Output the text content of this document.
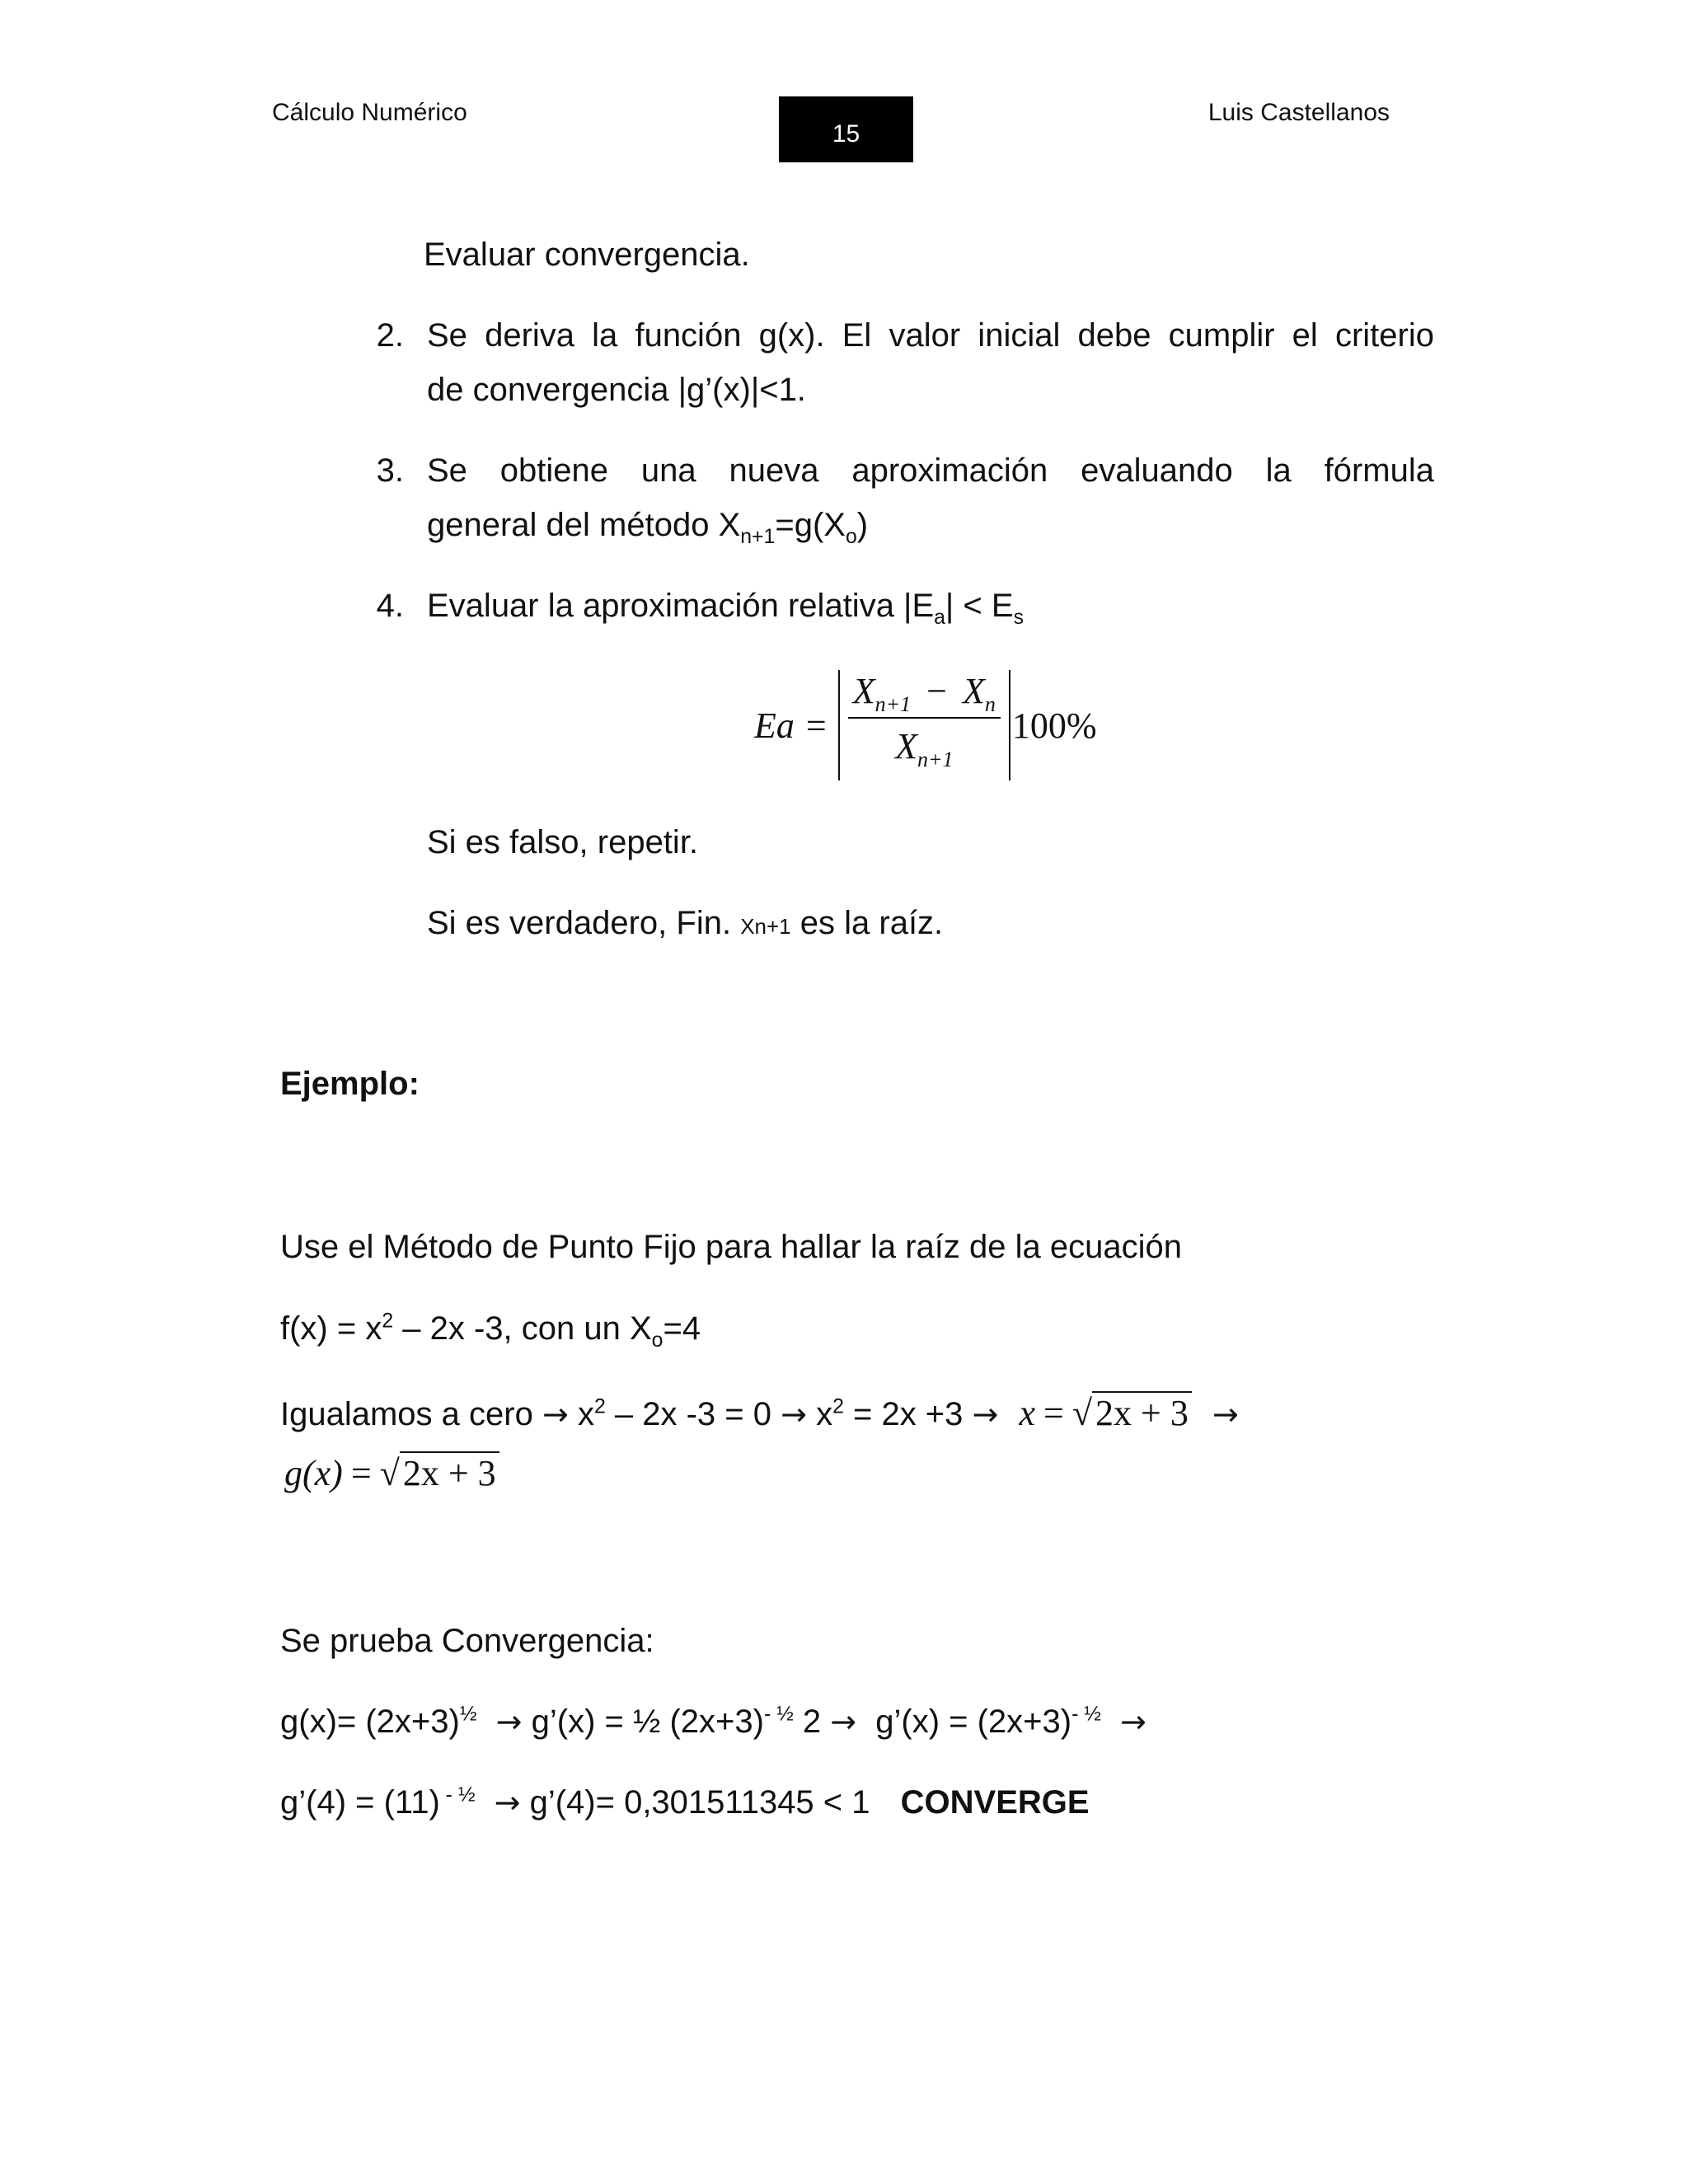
Cálculo Numérico
15
Luis Castellanos
Evaluar convergencia.
2. Se deriva la función g(x). El valor inicial debe cumplir el criterio
de convergencia |g’(x)|<1.
3. Se obtiene una nueva aproximación evaluando la fórmula
general del método $X_{n+1}=g(X_o)$
4. Evaluar la aproximación relativa $|E_a| < E_s$
$Ea = \frac{X_{n+1} - X_n}{X_{n+1}} 100\%$
Si es falso, repetir.
Si es verdadero, Fin. Xn+1 es la raíz.
Ejemplo:
Use el Método de Punto Fijo para hallar la raíz de la ecuación
$f(x) = x^2 - 2x$ -3, con un $X_o=4$
Igualamos a cero → $x^2 - 2x$ $-3 = 0 \to x^2 = 2x +3 \to x = √2x + 3$ →
g(x) = √2x + 3
Se prueba Convergencia:
$g(x)= (2x+3)^{\frac{1}{2}}$ → g’(x) = ½ $(2x+3)^{- \frac{1}{2}}$ 2 → g’(x) = $(2x+3)^{- \frac{1}{2}}$ →
g’(4) = (11) $^{- \frac{1}{2}}$ → g’(4)= 0,301511345 < 1 CONVERGE
